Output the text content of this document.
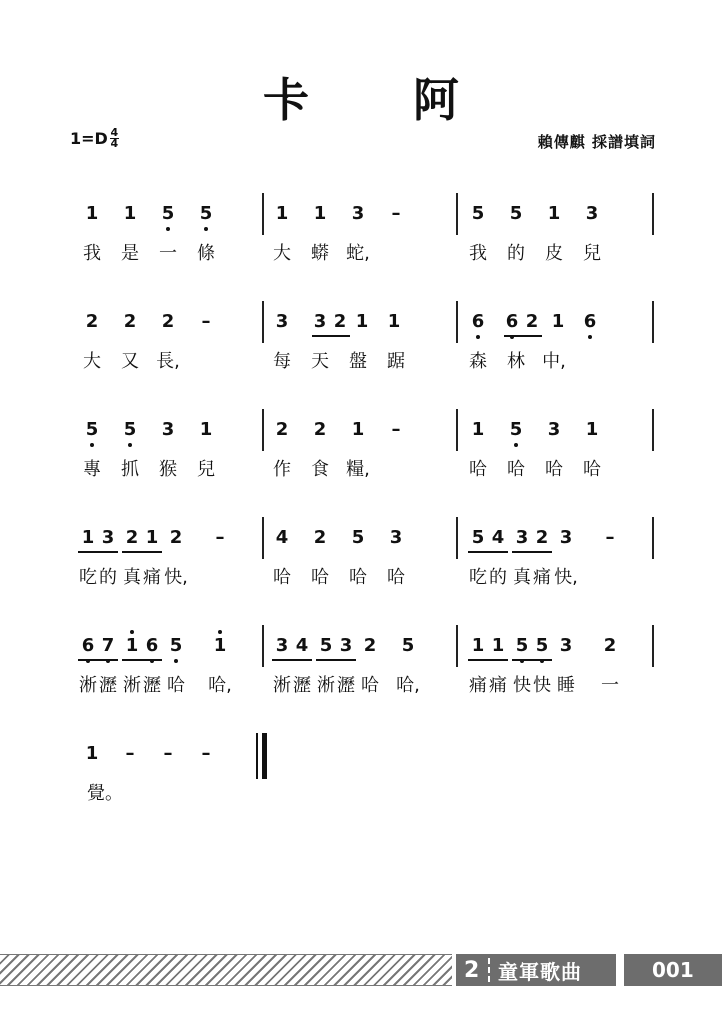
卡 阿
1=D 4
4	賴傳麒 採譜填詞
1 1 5 5	1 1 3	–	5 5 1 3
我 是 一 條	大 蟒 蛇,	我 的 皮 兒
2 2 2	–	3 3 2 1 1	6 6 2 1 6
大 又 長,	每 天 盤 踞	森 林 中,
5 5 3 1	2 2 1	–	1 5 3 1
專 抓 猴 兒	作 食 糧,	哈 哈 哈 哈
1 3 2 1 2	–	4 2 5 3	5 4 3 2 3	–
吃 的 真 痛 快,	哈 哈 哈 哈	吃 的 真 痛 快,
6 7 1 6 5 1	3 4 5 3 2 5	1 1 5 5 3 2
淅 瀝 淅 瀝 哈 哈, 淅 瀝 淅 瀝 哈 哈,	痛 痛 快 快 睡 一
1	–	–	–
覺。
2 童軍歌曲	001
